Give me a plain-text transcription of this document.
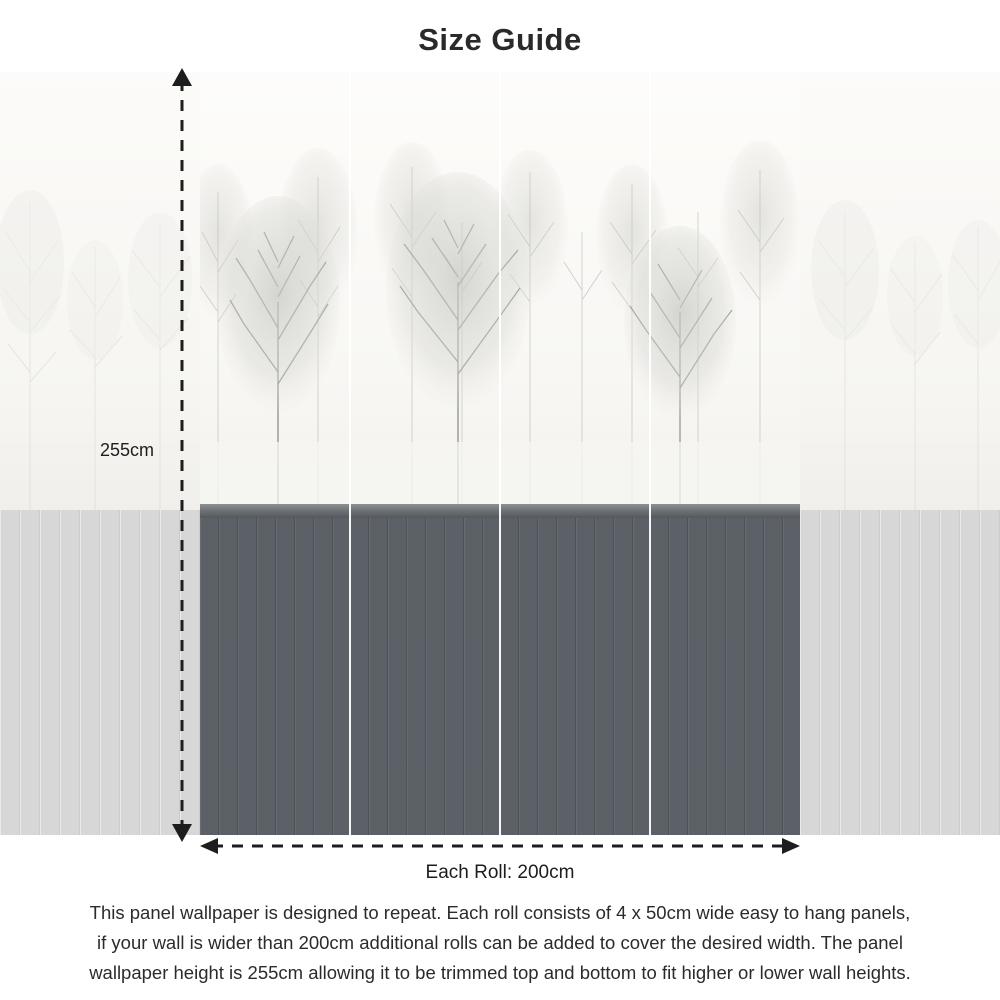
Size Guide
255cm
Each Roll: 200cm
This panel wallpaper is designed to repeat. Each roll consists of 4 x 50cm wide easy to hang panels,
if your wall is wider than 200cm additional rolls can be added to cover the desired width. The panel
wallpaper height is 255cm allowing it to be trimmed top and bottom to fit higher or lower wall heights.
